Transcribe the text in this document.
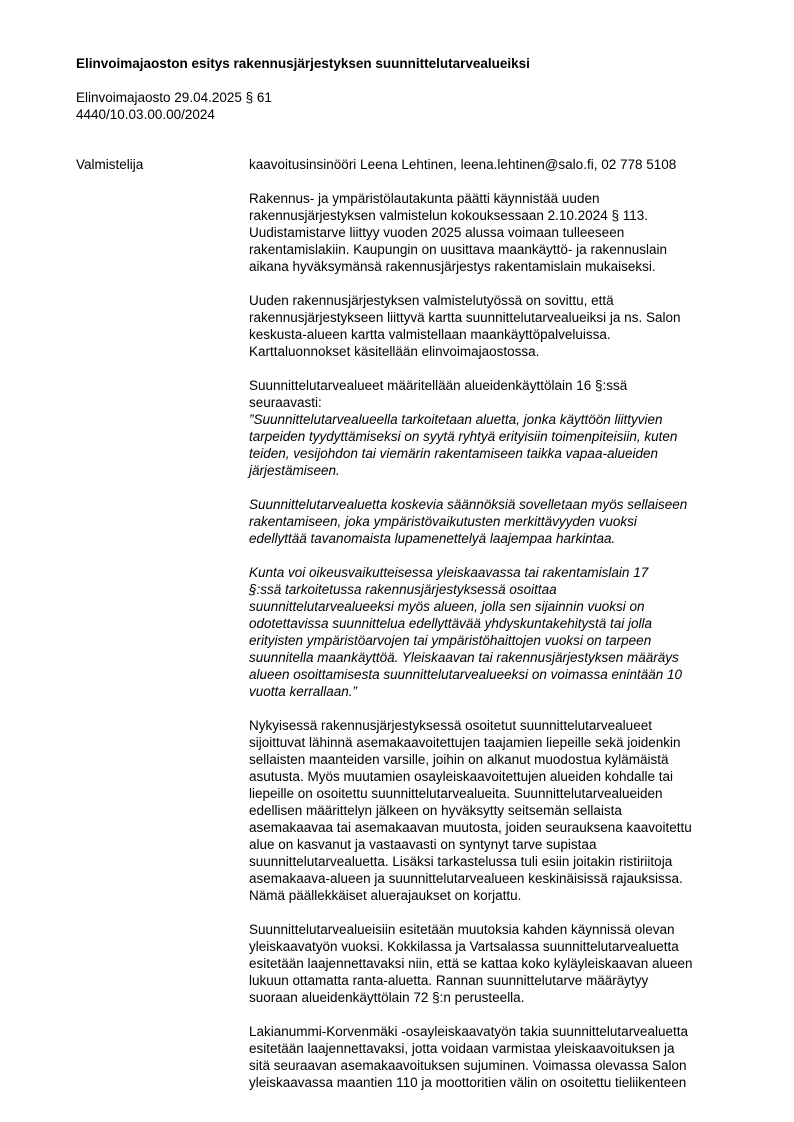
Elinvoimajaoston esitys rakennusjärjestyksen suunnittelutarvealueiksi
Elinvoimajaosto 29.04.2025 § 61
4440/10.03.00.00/2024
Valmistelija	kaavoitusinsinööri Leena Lehtinen, leena.lehtinen@salo.fi, 02 778 5108
Rakennus- ja ympäristölautakunta päätti käynnistää uuden
rakennusjärjestyksen valmistelun kokouksessaan 2.10.2024 § 113.
Uudistamistarve liittyy vuoden 2025 alussa voimaan tulleeseen
rakentamislakiin. Kaupungin on uusittava maankäyttö- ja rakennuslain
aikana hyväksymänsä rakennusjärjestys rakentamislain mukaiseksi.
Uuden rakennusjärjestyksen valmistelutyössä on sovittu, että
rakennusjärjestykseen liittyvä kartta suunnittelutarvealueiksi ja ns. Salon
keskusta-alueen kartta valmistellaan maankäyttöpalveluissa.
Karttaluonnokset käsitellään elinvoimajaostossa.
Suunnittelutarvealueet määritellään alueidenkäyttölain 16 §:ssä
seuraavasti:
”Suunnittelutarvealueella tarkoitetaan aluetta, jonka käyttöön liittyvien
tarpeiden tyydyttämiseksi on syytä ryhtyä erityisiin toimenpiteisiin, kuten
teiden, vesijohdon tai viemärin rakentamiseen taikka vapaa-alueiden
järjestämiseen.
Suunnittelutarvealuetta koskevia säännöksiä sovelletaan myös sellaiseen
rakentamiseen, joka ympäristövaikutusten merkittävyyden vuoksi
edellyttää tavanomaista lupamenettelyä laajempaa harkintaa.
Kunta voi oikeusvaikutteisessa yleiskaavassa tai rakentamislain 17
§:ssä tarkoitetussa rakennusjärjestyksessä osoittaa
suunnittelutarvealueeksi myös alueen, jolla sen sijainnin vuoksi on
odotettavissa suunnittelua edellyttävää yhdyskuntakehitystä tai jolla
erityisten ympäristöarvojen tai ympäristöhaittojen vuoksi on tarpeen
suunnitella maankäyttöä. Yleiskaavan tai rakennusjärjestyksen määräys
alueen osoittamisesta suunnittelutarvealueeksi on voimassa enintään 10
vuotta kerrallaan.”
Nykyisessä rakennusjärjestyksessä osoitetut suunnittelutarvealueet
sijoittuvat lähinnä asemakaavoitettujen taajamien liepeille sekä joidenkin
sellaisten maanteiden varsille, joihin on alkanut muodostua kylämäistä
asutusta. Myös muutamien osayleiskaavoitettujen alueiden kohdalle tai
liepeille on osoitettu suunnittelutarvealueita. Suunnittelutarvealueiden
edellisen määrittelyn jälkeen on hyväksytty seitsemän sellaista
asemakaavaa tai asemakaavan muutosta, joiden seurauksena kaavoitettu
alue on kasvanut ja vastaavasti on syntynyt tarve supistaa
suunnittelutarvealuetta. Lisäksi tarkastelussa tuli esiin joitakin ristiriitoja
asemakaava-alueen ja suunnittelutarvealueen keskinäisissä rajauksissa.
Nämä päällekkäiset aluerajaukset on korjattu.
Suunnittelutarvealueisiin esitetään muutoksia kahden käynnissä olevan
yleiskaavatyön vuoksi. Kokkilassa ja Vartsalassa suunnittelutarvealuetta
esitetään laajennettavaksi niin, että se kattaa koko kyläyleiskaavan alueen
lukuun ottamatta ranta-aluetta. Rannan suunnittelutarve määräytyy
suoraan alueidenkäyttölain 72 §:n perusteella.
Lakianummi-Korvenmäki -osayleiskaavatyön takia suunnittelutarvealuetta
esitetään laajennettavaksi, jotta voidaan varmistaa yleiskaavoituksen ja
sitä seuraavan asemakaavoituksen sujuminen. Voimassa olevassa Salon
yleiskaavassa maantien 110 ja moottoritien välin on osoitettu tieliikenteen
